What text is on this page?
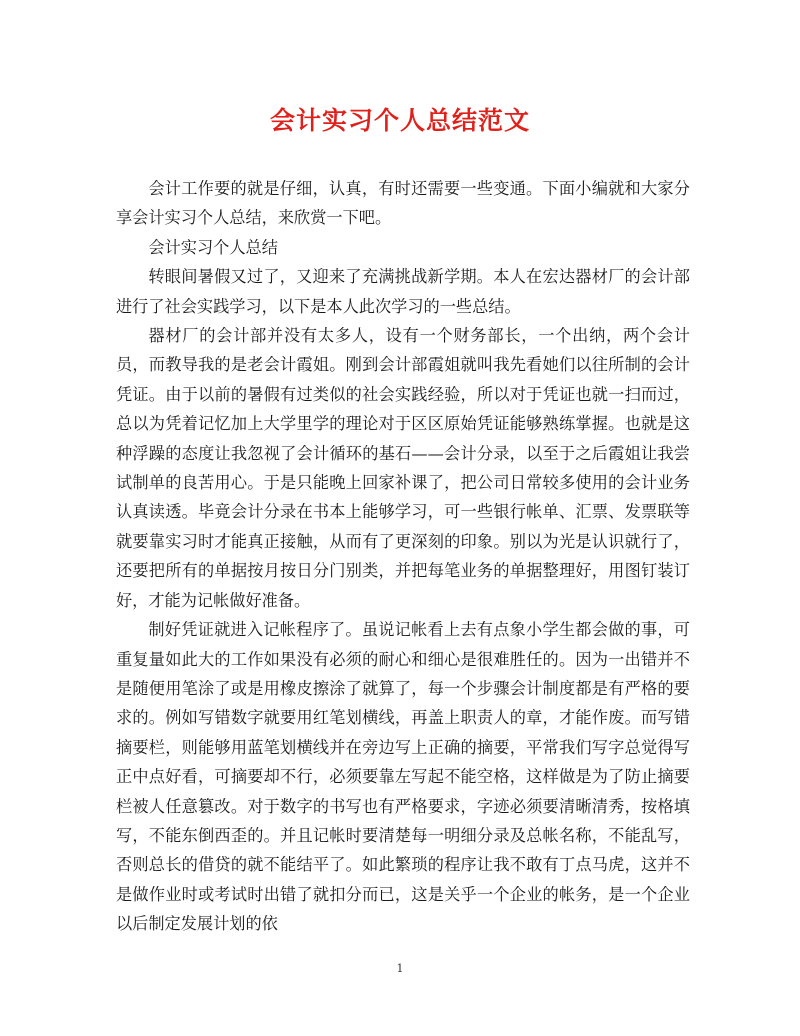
会计实习个人总结范文

会计工作要的就是仔细，认真，有时还需要一些变通。下面小编就和大家分享会计实习个人总结，来欣赏一下吧。

会计实习个人总结

转眼间暑假又过了，又迎来了充满挑战新学期。本人在宏达器材厂的会计部进行了社会实践学习，以下是本人此次学习的一些总结。

器材厂的会计部并没有太多人，设有一个财务部长，一个出纳，两个会计员，而教导我的是老会计霞姐。刚到会计部霞姐就叫我先看她们以往所制的会计凭证。由于以前的暑假有过类似的社会实践经验，所以对于凭证也就一扫而过，总以为凭着记忆加上大学里学的理论对于区区原始凭证能够熟练掌握。也就是这种浮躁的态度让我忽视了会计循环的基石——会计分录，以至于之后霞姐让我尝试制单的良苦用心。于是只能晚上回家补课了，把公司日常较多使用的会计业务认真读透。毕竟会计分录在书本上能够学习，可一些银行帐单、汇票、发票联等就要靠实习时才能真正接触，从而有了更深刻的印象。别以为光是认识就行了，还要把所有的单据按月按日分门别类，并把每笔业务的单据整理好，用图钉装订好，才能为记帐做好准备。

制好凭证就进入记帐程序了。虽说记帐看上去有点象小学生都会做的事，可重复量如此大的工作如果没有必须的耐心和细心是很难胜任的。因为一出错并不是随便用笔涂了或是用橡皮擦涂了就算了，每一个步骤会计制度都是有严格的要求的。例如写错数字就要用红笔划横线，再盖上职责人的章，才能作废。而写错摘要栏，则能够用蓝笔划横线并在旁边写上正确的摘要，平常我们写字总觉得写正中点好看，可摘要却不行，必须要靠左写起不能空格，这样做是为了防止摘要栏被人任意篡改。对于数字的书写也有严格要求，字迹必须要清晰清秀，按格填写，不能东倒西歪的。并且记帐时要清楚每一明细分录及总帐名称，不能乱写，否则总长的借贷的就不能结平了。如此繁琐的程序让我不敢有丁点马虎，这并不是做作业时或考试时出错了就扣分而已，这是关乎一个企业的帐务，是一个企业以后制定发展计划的依

1
